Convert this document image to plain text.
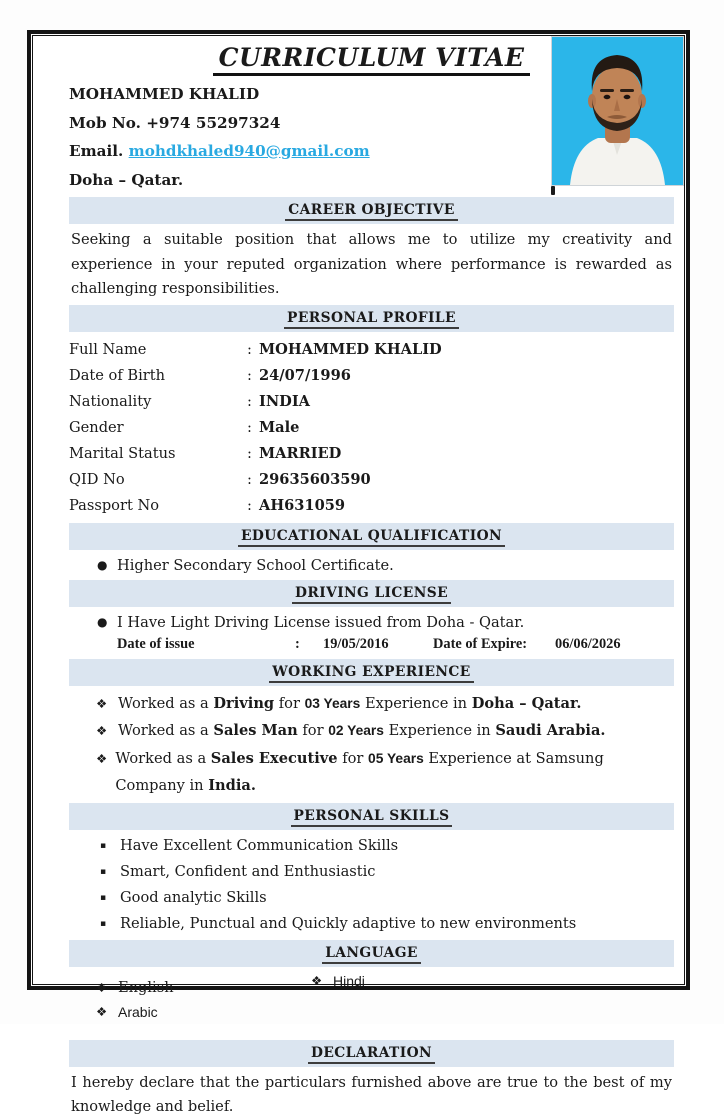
CURRICULUM VITAE
MOHAMMED KHALID
Mob No. +974 55297324
Email. mohdkhaled940@gmail.com
Doha – Qatar.
CAREER OBJECTIVE
Seeking a suitable position that allows me to utilize my creativity and experience in your reputed organization where performance is rewarded as challenging responsibilities.
PERSONAL PROFILE
Full Name	: MOHAMMED KHALID
Date of Birth	: 24/07/1996
Nationality	: INDIA
Gender	: Male
Marital Status	: MARRIED
QID No	: 29635603590
Passport No	: AH631059
EDUCATIONAL QUALIFICATION
● Higher Secondary School Certificate.
DRIVING LICENSE
● I Have Light Driving License issued from Doha - Qatar.
Date of issue	:	19/05/2016	Date of Expire:	06/06/2026
WORKING EXPERIENCE
❖ Worked as a Driving for 03 Years Experience in Doha – Qatar.
❖ Worked as a Sales Man for 02 Years Experience in Saudi Arabia.
❖ Worked as a Sales Executive for 05 Years Experience at Samsung Company in India.
PERSONAL SKILLS
▪ Have Excellent Communication Skills
▪ Smart, Confident and Enthusiastic
▪ Good analytic Skills
▪ Reliable, Punctual and Quickly adaptive to new environments
LANGUAGE
❖ English
❖ Arabic
❖ Hindi
DECLARATION
I hereby declare that the particulars furnished above are true to the best of my knowledge and belief.
